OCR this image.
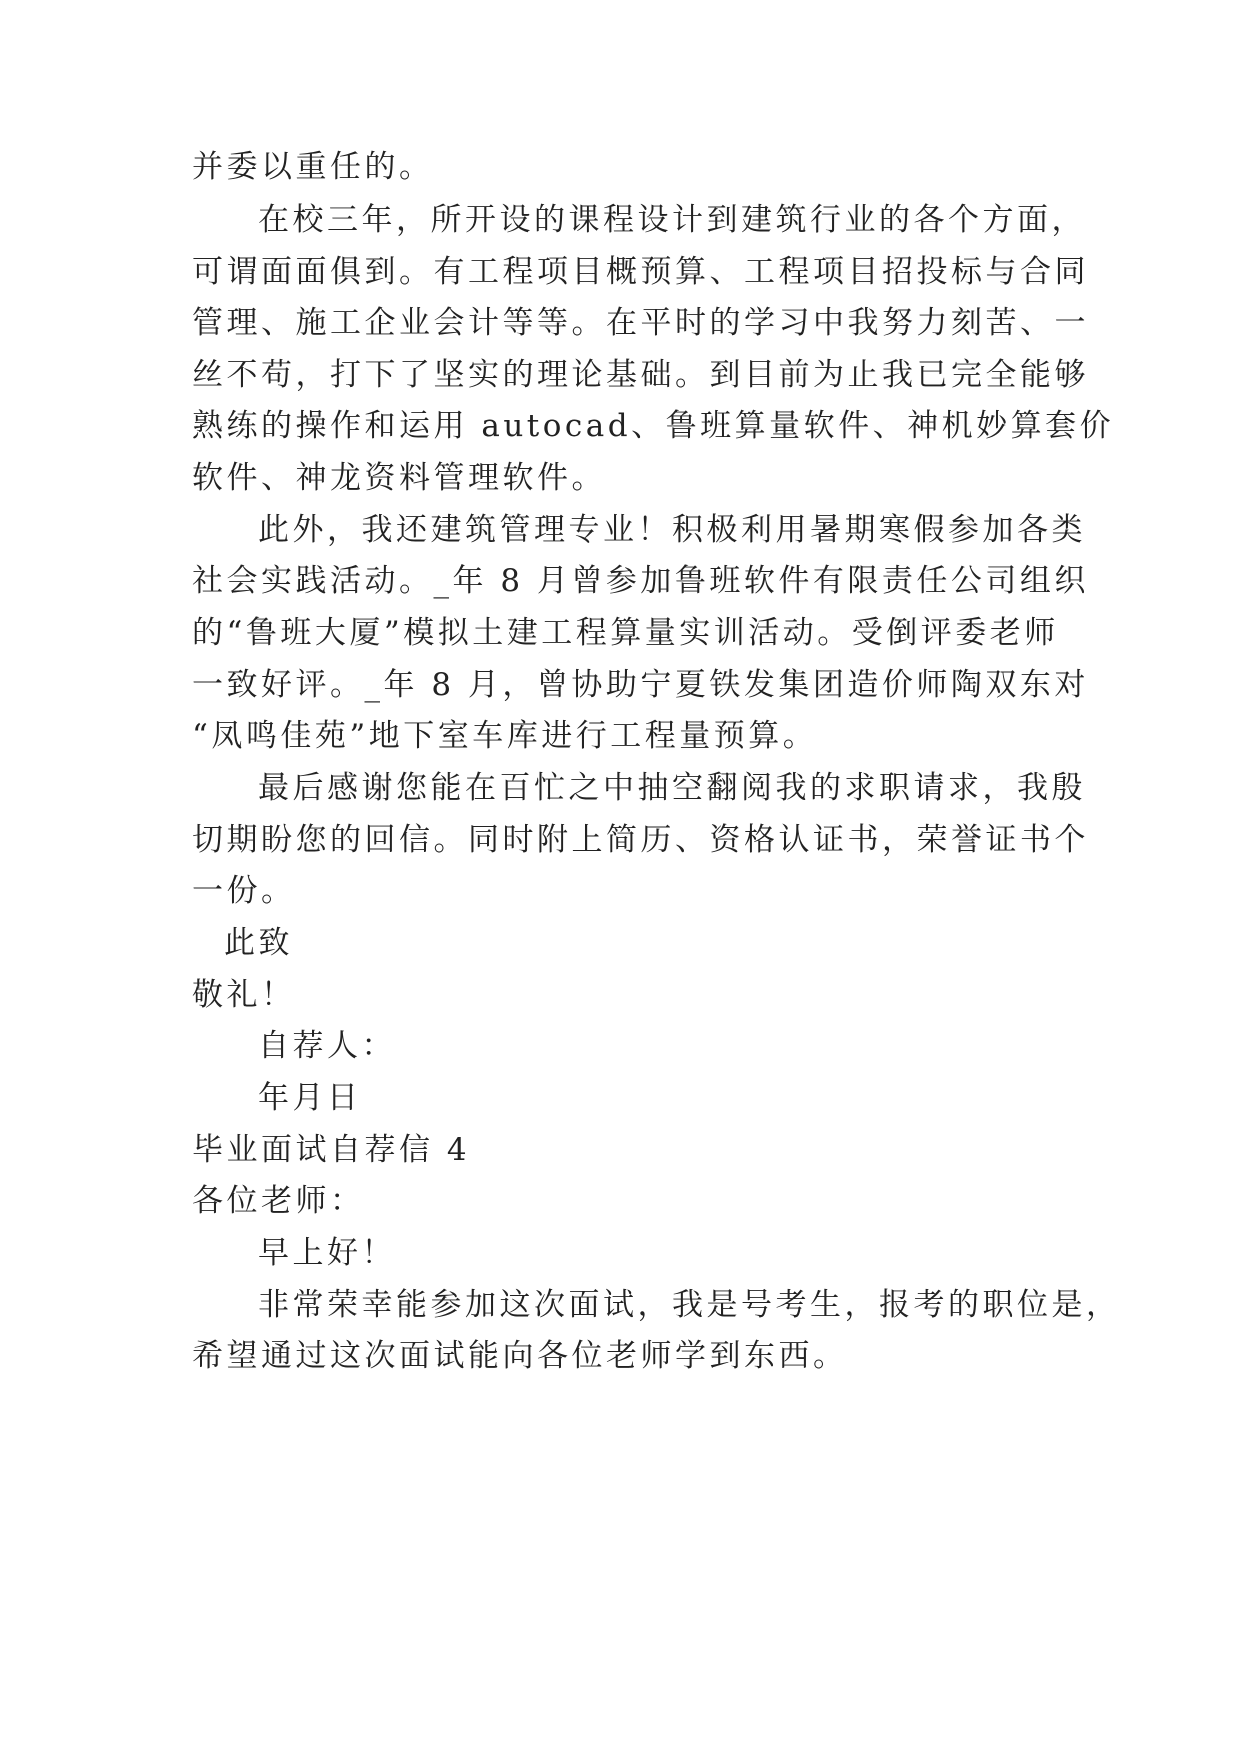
并委以重任的。
在校三年，所开设的课程设计到建筑行业的各个方面，
可谓面面俱到。有工程项目概预算、工程项目招投标与合同
管理、施工企业会计等等。在平时的学习中我努力刻苦、一
丝不苟，打下了坚实的理论基础。到目前为止我已完全能够
熟练的操作和运用 autocad、鲁班算量软件、神机妙算套价
软件、神龙资料管理软件。
此外，我还建筑管理专业！积极利用暑期寒假参加各类
社会实践活动。_年 8 月曾参加鲁班软件有限责任公司组织
的“鲁班大厦”模拟土建工程算量实训活动。受倒评委老师
一致好评。_年 8 月，曾协助宁夏铁发集团造价师陶双东对
“凤鸣佳苑”地下室车库进行工程量预算。
最后感谢您能在百忙之中抽空翻阅我的求职请求，我殷
切期盼您的回信。同时附上简历、资格认证书，荣誉证书个
一份。
此致
敬礼！
自荐人：
年月日
毕业面试自荐信 4
各位老师：
早上好！
非常荣幸能参加这次面试，我是号考生，报考的职位是，
希望通过这次面试能向各位老师学到东西。
